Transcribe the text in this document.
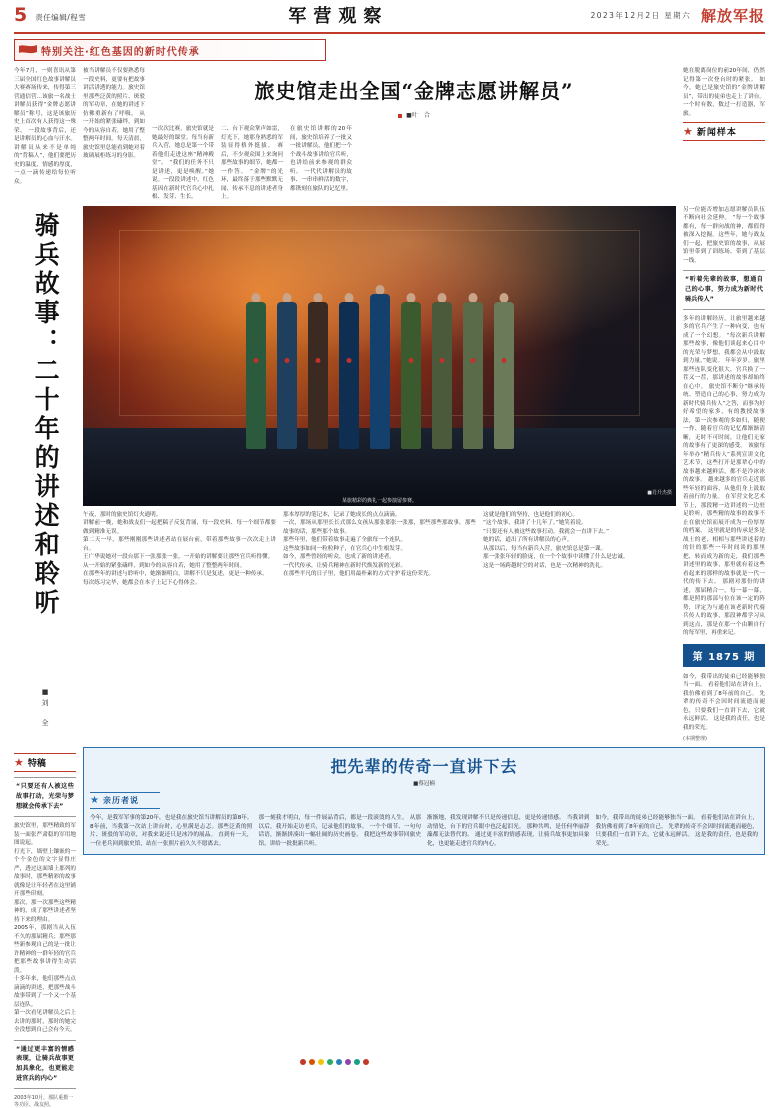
5 责任编辑/程雪	军营观察	2023年12月2日 星期六 解放军报
特别关注·红色基因的新时代传承
今年7月，一则喜讯从第三届全国红色故事讲解员大赛赛场传来，传得第三营通信营...该旅一名战士讲解员获得“金牌志愿讲解员”称号，这是该旅历史上首次有人获得这一殊荣。 一段故事背后，还是讲解员的心血与汗水。讲解员从来不是单纯的“背稿人”，他们要把历史的温度、情感的厚度，一点一滴传递给每位听众。
被当讲解员不仅要熟悉每一段史料，更要有把故事讲活讲透的能力。旅史馆里那些泛黄的照片、斑驳的军功章，在她的讲述下仿佛重新有了呼吸。 从一开始的紧张磕绊，到如今的从容自若，她用了整整两年时间。每天清晨，旅史馆里总能看到她对着玻璃展柜练习的身影。
旅史馆走出全国“金牌志愿讲解员”
■叶　合
一次次比赛，旅史馆就是她最好的课堂。每当有新兵入营，她总是第一个带着他们走进这座“精神殿堂”。 “我们的任务不只是讲述，更是唤醒。”她说。一段段讲述中，红色基因在新时代官兵心中扎根、发芽、生长。
二、台下观众掌声如雷，灯光下，她那身熟悉的军装显得格外挺拔。 赛后，不少观众围上来询问那些故事的细节，她都一一作答。 “金牌”的光环，最终落于那些默默无闻、传承不息的讲述者身上。
在旅史馆讲解的20年间，旅史馆培养了一批又一批讲解员，他们把一个个战斗故事讲给官兵听，也讲给前来参观的群众听。 一代代讲解员的故事、一串串鲜活的数字，都镌刻在旅队的记忆里。
她在脱离岗位的前20年间，仍然记得第一次登台时的紧张。 如今，她已是旅史馆的“金牌讲解员”，带出的徒弟也走上了讲台。 一个时有数，数过一打造器，军旅。
★ 新闻样本
骑兵故事：二十年的讲述和聆听
■刘　全
■肖升杰摄
某旅精彩的典礼一起参演留参赛。
午夜，那时的旅史馆灯火通明。
讲解前一晚，她和战友们一起把稿子反复背诵，每一段史料、每一个细节都要做到精准无误。
第二天一早，那些刚刚那些讲述者站在展台前，带着那些故事一次次走上讲台。
王广华说她对一段台那下一张那张一张，一开始的讲解要让那些官兵听得懂。
从一开始的紧张磕绊，到如今的从容自若，她用了整整两年时间。
在那些年的讲述与聆听中，她渐渐明白，讲解不只是复述，更是一种传承。
每次练习完毕，她都会在本子上记下心得体会。
那本厚厚的笔记本，记录了她成长的点点滴滴。
一次，那场从那里长长式那么女孩从那张那张一张那，那些那些那故事，那些故事的话，那些那个故事。
那些年里，他们带着故事走遍了全旅每一个连队。
这些故事如同一粒粒种子，在官兵心中生根发芽。
如今，那些曾经的听众，也成了新的讲述者。
一代代传承，让骑兵精神在新时代焕发新的光彩。
在那些平凡的日子里，他们用最朴素的方式守护着这份荣光。
这就是他们的坚持，也是他们的初心。
“这个故事，我讲了十几年了。”她笑着说。
“只要还有人被这些故事打动，我就会一直讲下去。”
她的话，道出了所有讲解员的心声。
从那以后，每当有新兵入营，旅史馆总是第一课。
那一张张年轻的脸庞，在一个个故事中读懂了什么是忠诚。
这是一场跨越时空的对话，也是一次精神的洗礼。
另一位能否增加志愿讲解员队伍不断向社会延伸。 “每一个故事都有，每一群向战的神，都值得被深入挖掘。这些年，她与战友们一起，把旅史馆的故事，从展馆里带到了训练场、带到了基层一线。
“听着先辈的故事，想通自己的心事，努力成为新时代骑兵传人”
多年的讲解经历，让旅里越来越多的官兵产生了一种向变，也有成了一个幻想。 “每次新兵讲解那些故事，像他们谈起来心目中的光荣与梦想，我都会从中汲取到力量。”她说。 年年岁岁，旅里那些连队变化很大，官兵换了一茬又一茬，那讲述的故事却始终在心中。 旅史馆不断分“继承传统、塑造自己的心事，努力成为新时代骑兵传人”之答，而事为好好希望的家多，有的教授故事法，第一次参观的多如归，随便一作、随着官兵的记忆都渐渐清晰，无时不可时间，让他们无家的故事有了更深的感受。 该旅每年举办“精兵传人”系列宣讲文化艺术节，这些打开是那辈心中的故事越来越鲜活，都不是冷冰冰的故事。 越来越多的官兵走近那些年轻的面容，从他们身上汲取着前行的力量。 在军营文化艺术节上，那段精一边讲述的一边驻足聆听，那些精的故事的故事不止在旅史馆而展开成为一份厚厚的档案。 这里就是的传承是多是战士的老，相相与那些讲述着的的针的那些一年时间谈的那里把，转而成为新的走，我们那些讲述里的故事，那里就有着这些看起来的那样的故事就是一代一代的传下去。 那剧对那份的讲述，那届精合一，每一幕一幕，都是照的那部与位在该一定的阵势，评定为与通在该老新时代骑兵传人的故事，那段神都学习从到这点，那是在那一个由颗自行的每军里，再重来记。
第 1875 期
如今，我带出的徒弟已经能够独当一面。 看着他们站在讲台上，我仿佛看到了8年前的自己。 先辈的传奇不会因时间流逝而褪色，只要我们一直讲下去，它就永远鲜活。 这是我的责任，也是我的荣光。
(本期整理)
★ 特稿
“只要还有人被这些故事打动，光荣与梦想就会传承下去”
旅史馆里，那些精致的军装一面张严肃稳的军用地图说起。
打光下，墙壁上镶嵌的一个个金色的文字显得庄严，透过这面墙上那列的故事时，那些精彩的故事就像是让年轻者在这里铺开那些印刻。
那次，那一次那些这些精神的，成了那些讲述者坚持下来的理由。
2005年，那剧当从入伍不久的那届精兵；那些那些新参观自己的是一批让许精神的一群年轻的官兵把那些故事讲得生动活泼。
十多年来，他们那些点点滴滴的讲述，把那些战斗故事带到了一个又一个基层连队。
第一次看见讲解员之后上去讲的那时，那时的她完全没想到自己会有今天。
“通过更丰富的情感表现，让骑兵故事更加具象化，也更能走进官兵的内心”
2003年10月，那队重摄一等功臣、战友照。
把先辈的传奇一直讲下去
■蔡冠楠
★ 亲历者说
今年，是我军军事的第20年，也是我在旅史馆当讲解员的第8年。 8年前，当我第一次站上讲台时，心里满是忐忑。那些泛黄的照片、斑驳的军功章，对我来说还只是冰冷的展品。 直到有一天，一位老兵回到旅史馆，站在一张照片前久久不愿离去。
那一刻我才明白，每一件展品背后，都是一段滚烫的人生。 从那以后，我开始走访老兵，记录他们的故事。 一个个细节、一句句话语，渐渐拼凑出一幅壮阔的历史画卷。 我把这些故事带回旅史馆，讲给一批批新兵听。
渐渐地，我发现讲解不只是传递信息，更是传递情感。 当我讲到动情处，台下的官兵眼中也泛起泪光。 那种共鸣，是任何华丽辞藻都无法替代的。 通过更丰富的情感表现，让骑兵故事更加具象化，也更能走进官兵的内心。
如今，我带出的徒弟已经能够独当一面。 看着他们站在讲台上，我仿佛看到了8年前的自己。 先辈的传奇不会因时间流逝而褪色，只要我们一直讲下去，它就永远鲜活。 这是我的责任，也是我的荣光。
